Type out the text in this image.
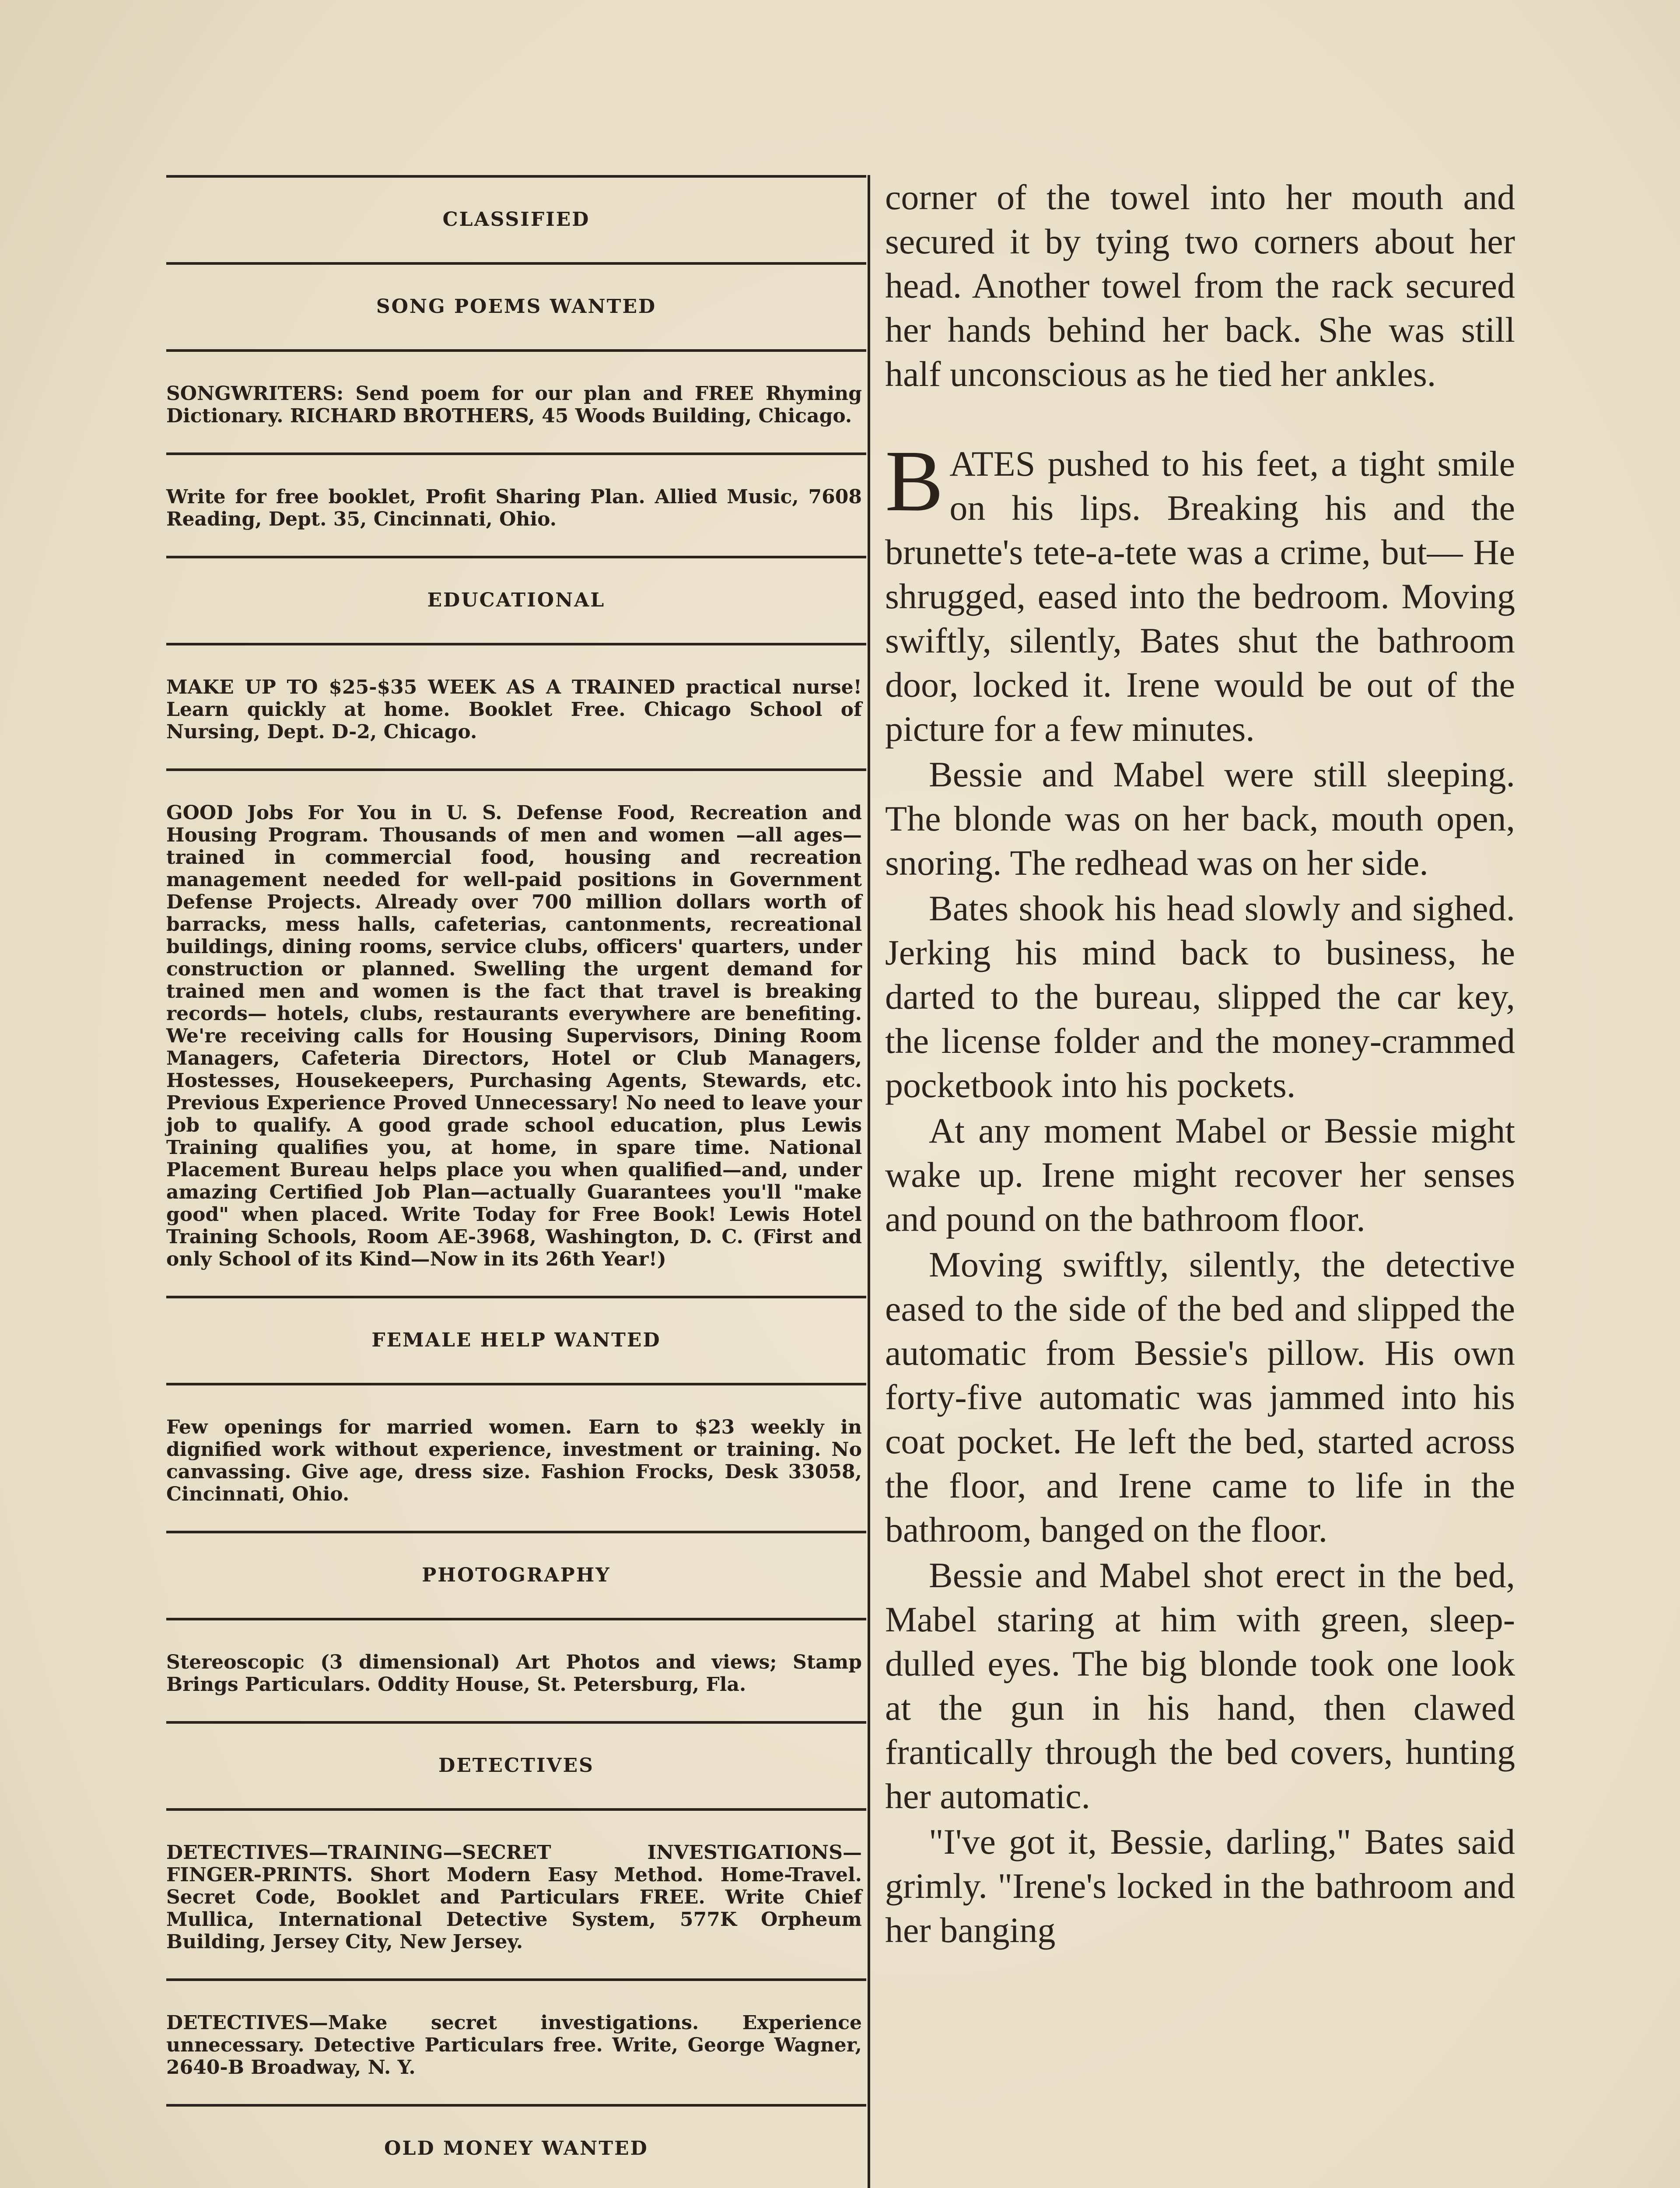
CLASSIFIED
SONG POEMS WANTED
SONGWRITERS: Send poem for our plan and FREE Rhyming Dictionary. RICHARD BROTHERS, 45 Woods Building, Chicago.
Write for free booklet, Profit Sharing Plan. Allied Music, 7608 Reading, Dept. 35, Cincinnati, Ohio.
EDUCATIONAL
MAKE UP TO $25-$35 WEEK AS A TRAINED practical nurse! Learn quickly at home. Booklet Free. Chicago School of Nursing, Dept. D-2, Chicago.
GOOD Jobs For You in U. S. Defense Food, Recreation and Housing Program. Thousands of men and women —all ages—trained in commercial food, housing and recreation management needed for well-paid positions in Government Defense Projects. Already over 700 million dollars worth of barracks, mess halls, cafeterias, cantonments, recreational buildings, dining rooms, service clubs, officers' quarters, under construction or planned. Swelling the urgent demand for trained men and women is the fact that travel is breaking records— hotels, clubs, restaurants everywhere are benefiting. We're receiving calls for Housing Supervisors, Dining Room Managers, Cafeteria Directors, Hotel or Club Managers, Hostesses, Housekeepers, Purchasing Agents, Stewards, etc. Previous Experience Proved Unnecessary! No need to leave your job to qualify. A good grade school education, plus Lewis Training qualifies you, at home, in spare time. National Placement Bureau helps place you when qualified—and, under amazing Certified Job Plan—actually Guarantees you'll "make good" when placed. Write Today for Free Book! Lewis Hotel Training Schools, Room AE-3968, Washington, D. C. (First and only School of its Kind—Now in its 26th Year!)
FEMALE HELP WANTED
Few openings for married women. Earn to $23 weekly in dignified work without experience, investment or training. No canvassing. Give age, dress size. Fashion Frocks, Desk 33058, Cincinnati, Ohio.
PHOTOGRAPHY
Stereoscopic (3 dimensional) Art Photos and views; Stamp Brings Particulars. Oddity House, St. Petersburg, Fla.
DETECTIVES
DETECTIVES—TRAINING—SECRET INVESTIGATIONS—FINGER-PRINTS. Short Modern Easy Method. Home-Travel. Secret Code, Booklet and Particulars FREE. Write Chief Mullica, International Detective System, 577K Orpheum Building, Jersey City, New Jersey.
DETECTIVES—Make secret investigations. Experience unnecessary. Detective Particulars free. Write, George Wagner, 2640-B Broadway, N. Y.
OLD MONEY WANTED

corner of the towel into her mouth and secured it by tying two corners about her head. Another towel from the rack secured her hands behind her back. She was still half unconscious as he tied her ankles.

BATES pushed to his feet, a tight smile on his lips. Breaking his and the brunette's tete-a-tete was a crime, but— He shrugged, eased into the bedroom. Moving swiftly, silently, Bates shut the bathroom door, locked it. Irene would be out of the picture for a few minutes.

Bessie and Mabel were still sleeping. The blonde was on her back, mouth open, snoring. The redhead was on her side.

Bates shook his head slowly and sighed. Jerking his mind back to business, he darted to the bureau, slipped the car key, the license folder and the money-crammed pocketbook into his pockets.

At any moment Mabel or Bessie might wake up. Irene might recover her senses and pound on the bathroom floor.

Moving swiftly, silently, the detective eased to the side of the bed and slipped the automatic from Bessie's pillow. His own forty-five automatic was jammed into his coat pocket. He left the bed, started across the floor, and Irene came to life in the bathroom, banged on the floor.

Bessie and Mabel shot erect in the bed, Mabel staring at him with green, sleep-dulled eyes. The big blonde took one look at the gun in his hand, then clawed frantically through the bed covers, hunting her automatic.

"I've got it, Bessie, darling," Bates said grimly. "Irene's locked in the bathroom and her banging
